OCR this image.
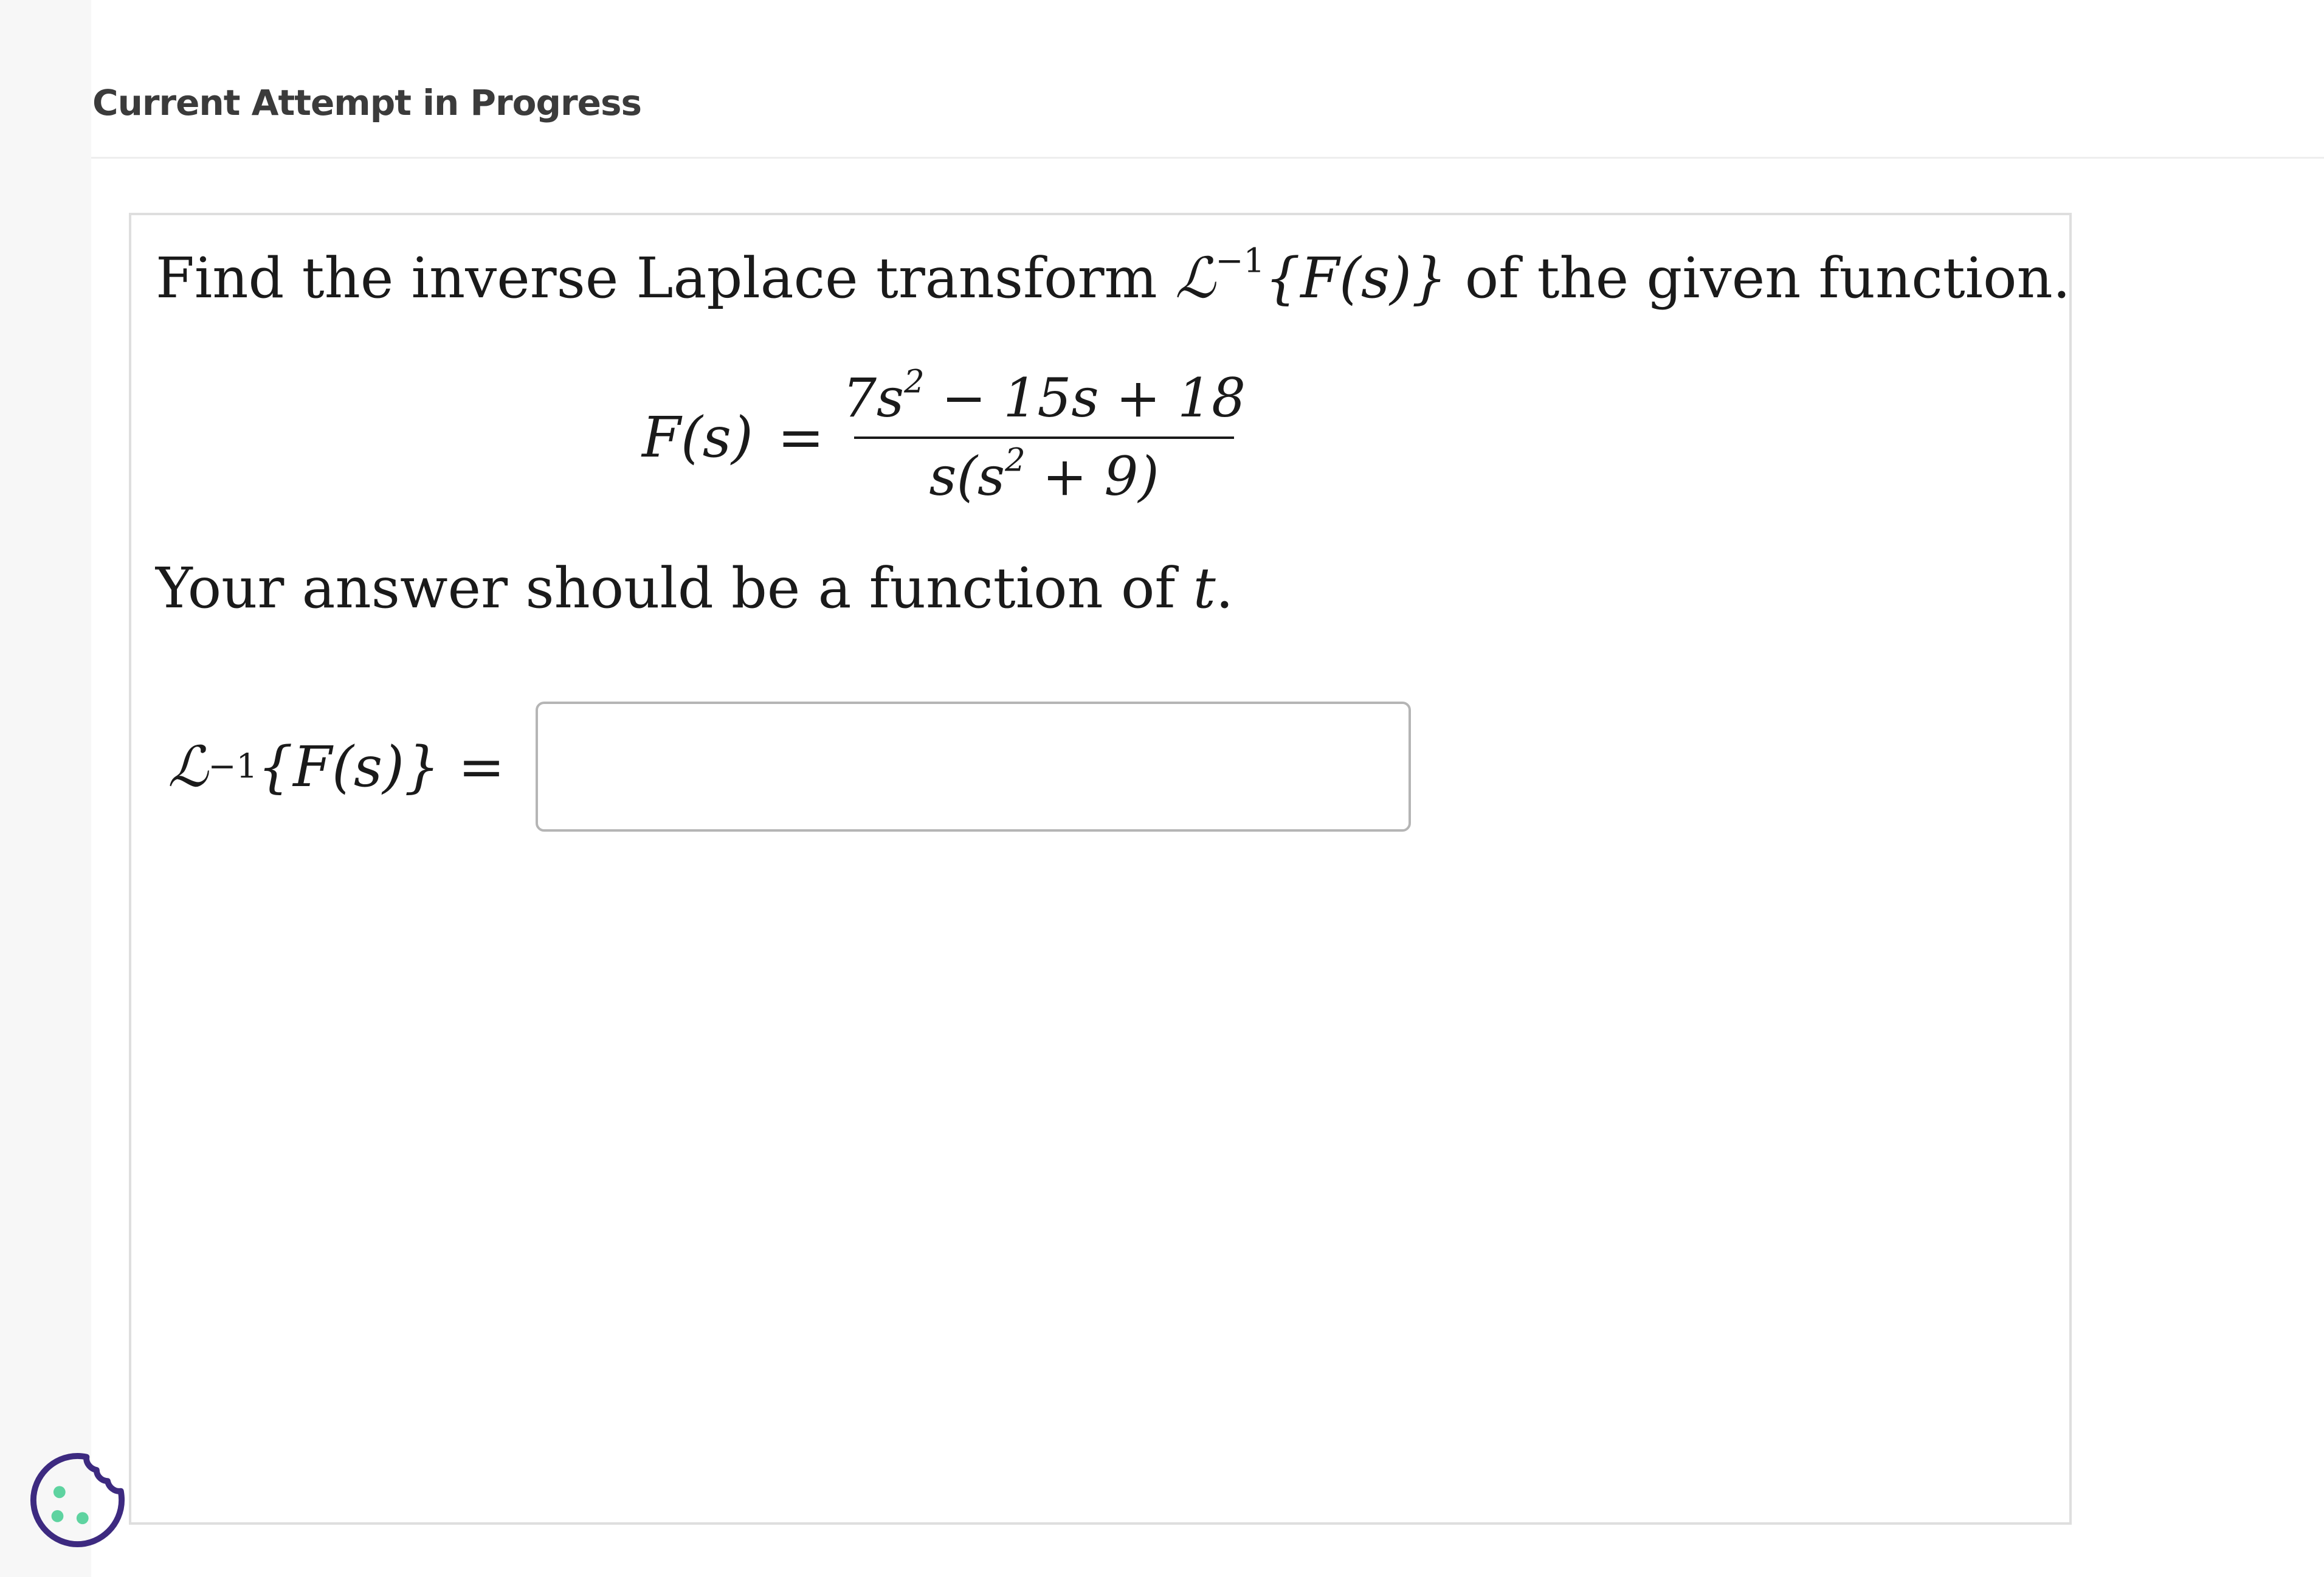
Current Attempt in Progress
Find the inverse Laplace transform ℒ$^{-1}${F(s)} of the given function.
$F(s) = \frac{7s^2 - 15s + 18}{s(s^2 + 9)}$
Your answer should be a function of t.
ℒ −1 {F(s)} =
